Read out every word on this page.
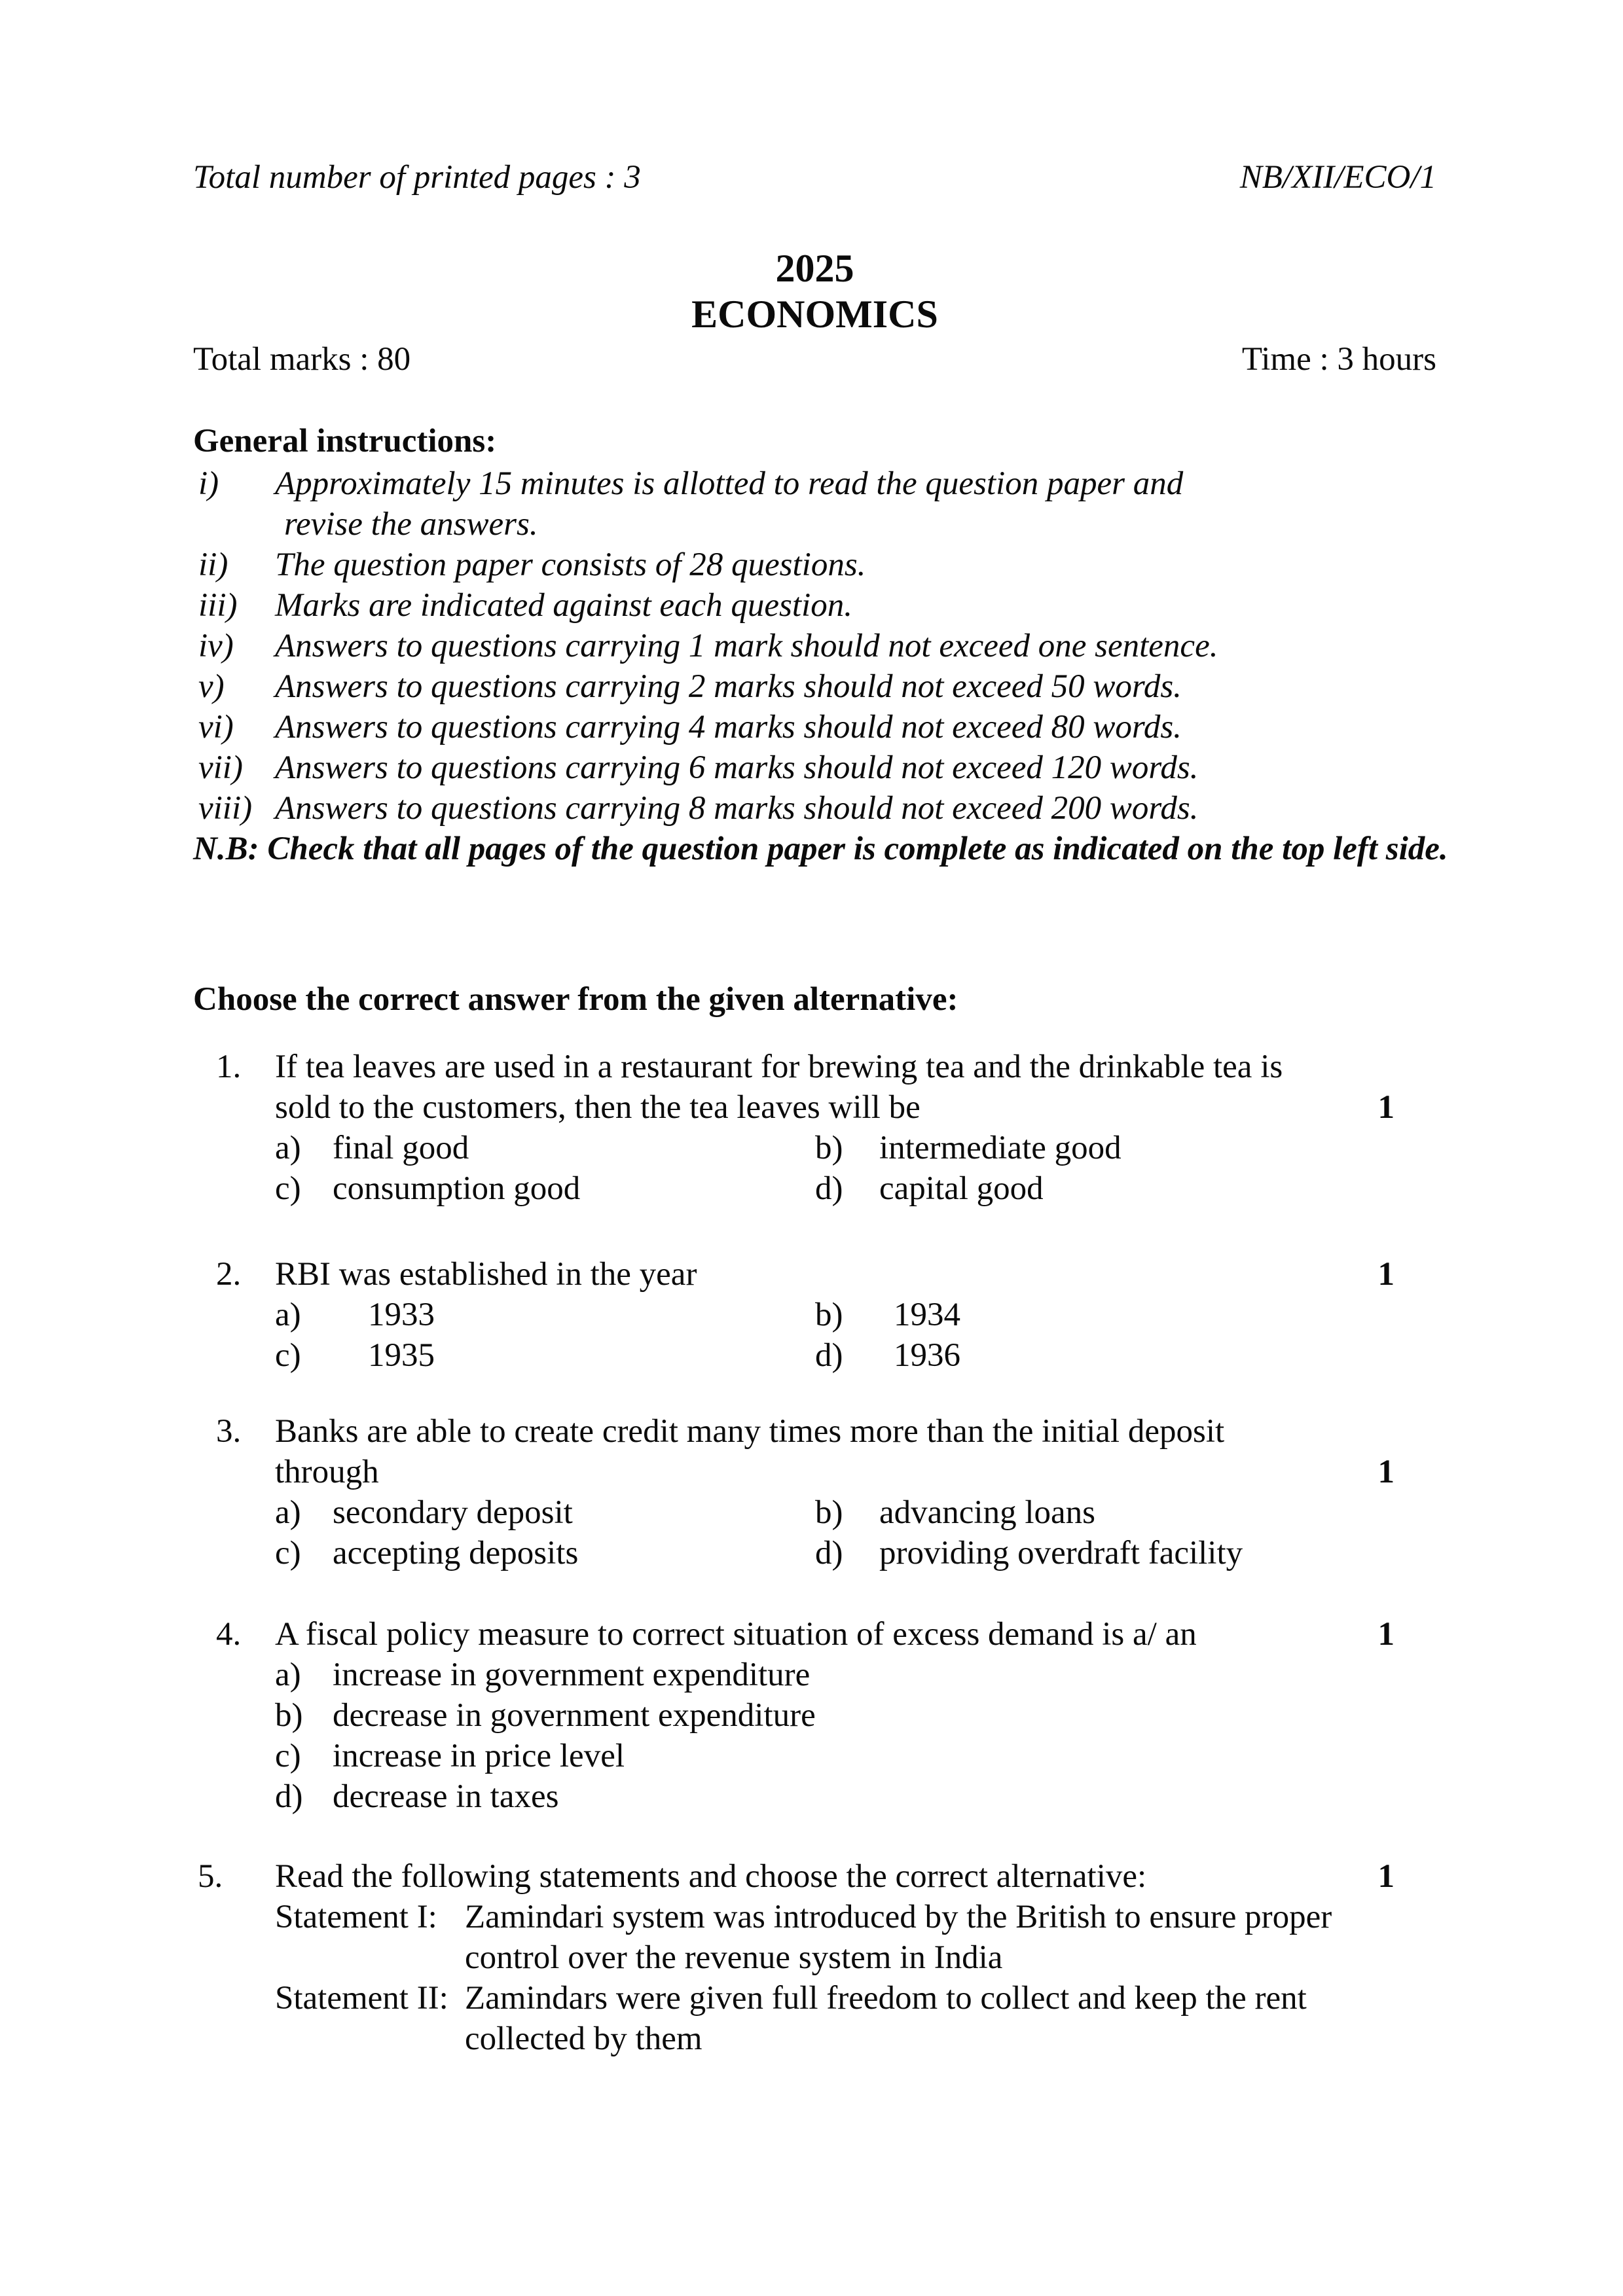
Total number of printed pages : 3	NB/XII/ECO/1
2025
ECONOMICS
Total marks : 80	Time : 3 hours
General instructions:
i)	Approximately 15 minutes is allotted to read the question paper and
revise the answers.
ii)	The question paper consists of 28 questions.
iii)	Marks are indicated against each question.
iv)	Answers to questions carrying 1 mark should not exceed one sentence.
v)	Answers to questions carrying 2 marks should not exceed 50 words.
vi)	Answers to questions carrying 4 marks should not exceed 80 words.
vii) Answers to questions carrying 6 marks should not exceed 120 words.
viii) Answers to questions carrying 8 marks should not exceed 200 words.
N.B: Check that all pages of the question paper is complete as indicated on the top left side.
Choose the correct answer from the given alternative:
1
1.	If tea leaves are used in a restaurant for brewing tea and the drinkable tea is
sold to the customers, then the tea leaves will be
a) final good	b)	intermediate good
c) consumption good	d)	capital good
1
2.	RBI was established in the year
a)	1933	b)	1934
c)	1935	d)	1936
1
3.	Banks are able to create credit many times more than the initial deposit
through
a) secondary deposit	b)	advancing loans
c) accepting deposits	d)	providing overdraft facility
1
4.	A fiscal policy measure to correct situation of excess demand is a/ an
a) increase in government expenditure
b) decrease in government expenditure
c) increase in price level
d) decrease in taxes
1
5.	Read the following statements and choose the correct alternative:
Statement I: Zamindari system was introduced by the British to ensure proper
control over the revenue system in India
Statement II: Zamindars were given full freedom to collect and keep the rent
collected by them
